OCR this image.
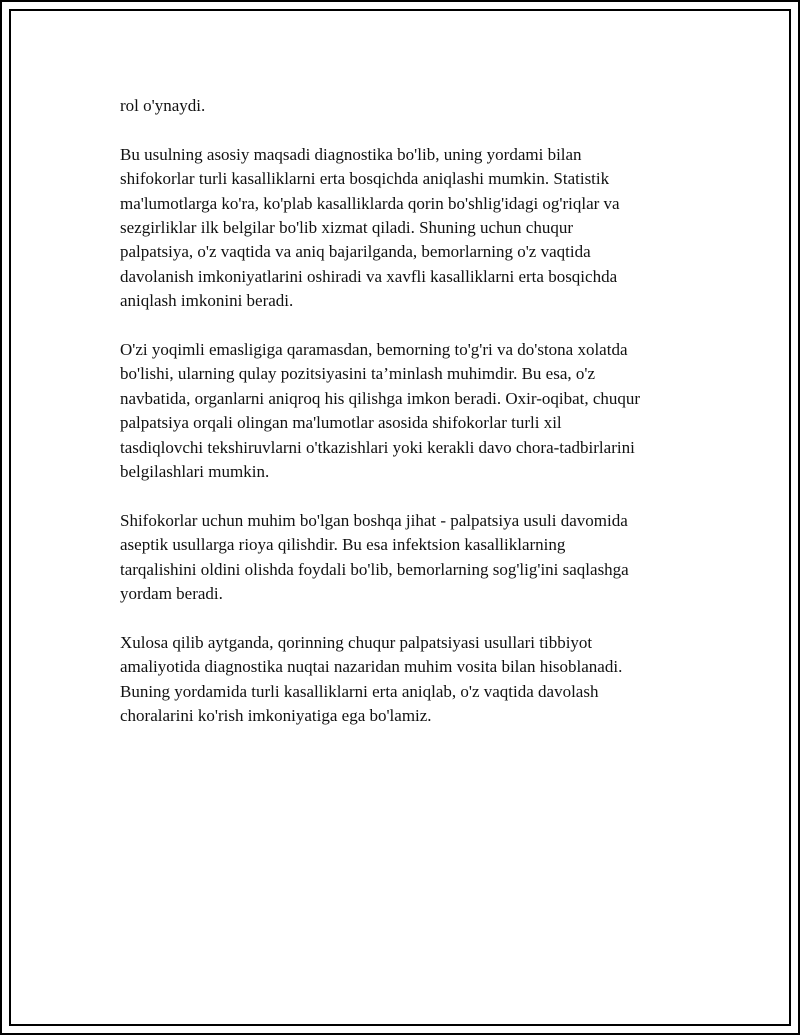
rol o'ynaydi.

Bu usulning asosiy maqsadi diagnostika bo'lib, uning yordami bilan
shifokorlar turli kasalliklarni erta bosqichda aniqlashi mumkin. Statistik
ma'lumotlarga ko'ra, ko'plab kasalliklarda qorin bo'shlig'idagi og'riqlar va
sezgirliklar ilk belgilar bo'lib xizmat qiladi. Shuning uchun chuqur
palpatsiya, o'z vaqtida va aniq bajarilganda, bemorlarning o'z vaqtida
davolanish imkoniyatlarini oshiradi va xavfli kasalliklarni erta bosqichda
aniqlash imkonini beradi.

O'zi yoqimli emasligiga qaramasdan, bemorning to'g'ri va do'stona xolatda
bo'lishi, ularning qulay pozitsiyasini ta’minlash muhimdir. Bu esa, o'z
navbatida, organlarni aniqroq his qilishga imkon beradi. Oxir-oqibat, chuqur
palpatsiya orqali olingan ma'lumotlar asosida shifokorlar turli xil
tasdiqlovchi tekshiruvlarni o'tkazishlari yoki kerakli davo chora-tadbirlarini
belgilashlari mumkin.

Shifokorlar uchun muhim bo'lgan boshqa jihat - palpatsiya usuli davomida
aseptik usullarga rioya qilishdir. Bu esa infektsion kasalliklarning
tarqalishini oldini olishda foydali bo'lib, bemorlarning sog'lig'ini saqlashga
yordam beradi.

Xulosa qilib aytganda, qorinning chuqur palpatsiyasi usullari tibbiyot
amaliyotida diagnostika nuqtai nazaridan muhim vosita bilan hisoblanadi.
Buning yordamida turli kasalliklarni erta aniqlab, o'z vaqtida davolash
choralarini ko'rish imkoniyatiga ega bo'lamiz.
